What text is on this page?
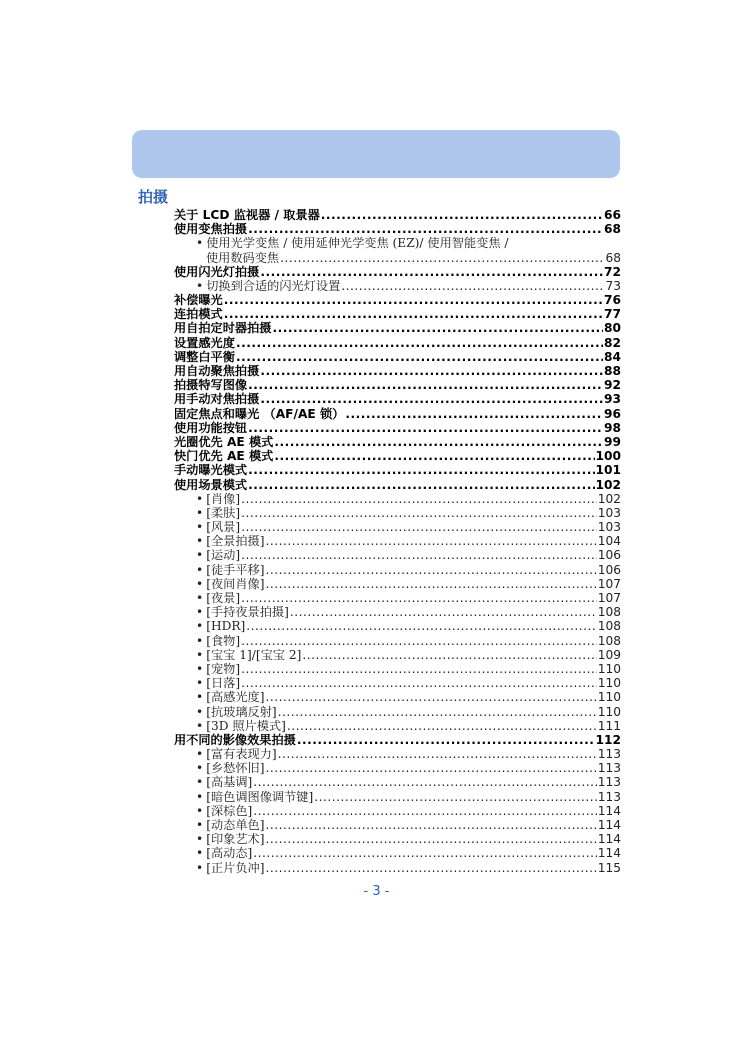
拍摄
关于 LCD 监视器 / 取景器 .....	66
使用变焦拍摄 .....	68
• 使用光学变焦 / 使用延伸光学变焦 (EZ)/ 使用智能变焦 /
使用数码变焦 .....	68
使用闪光灯拍摄 .....	72
• 切换到合适的闪光灯设置 .....	73
补偿曝光 .....	76
连拍模式 .....	77
用自拍定时器拍摄 .....	80
设置感光度 .....	82
调整白平衡 .....	84
用自动聚焦拍摄 .....	88
拍摄特写图像 .....	92
用手动对焦拍摄 .....	93
固定焦点和曝光 （AF/AE 锁） .....	96
使用功能按钮 .....	98
光圈优先 AE 模式 .....	99
快门优先 AE 模式 .....	100
手动曝光模式 .....	101
使用场景模式 .....	102
• [肖像] .....	102
• [柔肤] .....	103
• [风景] .....	103
• [全景拍摄] .....	104
• [运动] .....	106
• [徒手平移] .....	106
• [夜间肖像] .....	107
• [夜景] .....	107
• [手持夜景拍摄] .....	108
• [HDR] .....	108
• [食物] .....	108
• [宝宝 1]/[宝宝 2] .....	109
• [宠物] .....	110
• [日落] .....	110
• [高感光度] .....	110
• [抗玻璃反射] .....	110
• [3D 照片模式] .....	111
用不同的影像效果拍摄 .....	112
• [富有表现力] .....	113
• [乡愁怀旧] .....	113
• [高基调] .....	113
• [暗色调图像调节键] .....	113
• [深棕色] .....	114
• [动态单色] .....	114
• [印象艺术] .....	114
• [高动态] .....	114
• [正片负冲] .....	115
- 3 -
